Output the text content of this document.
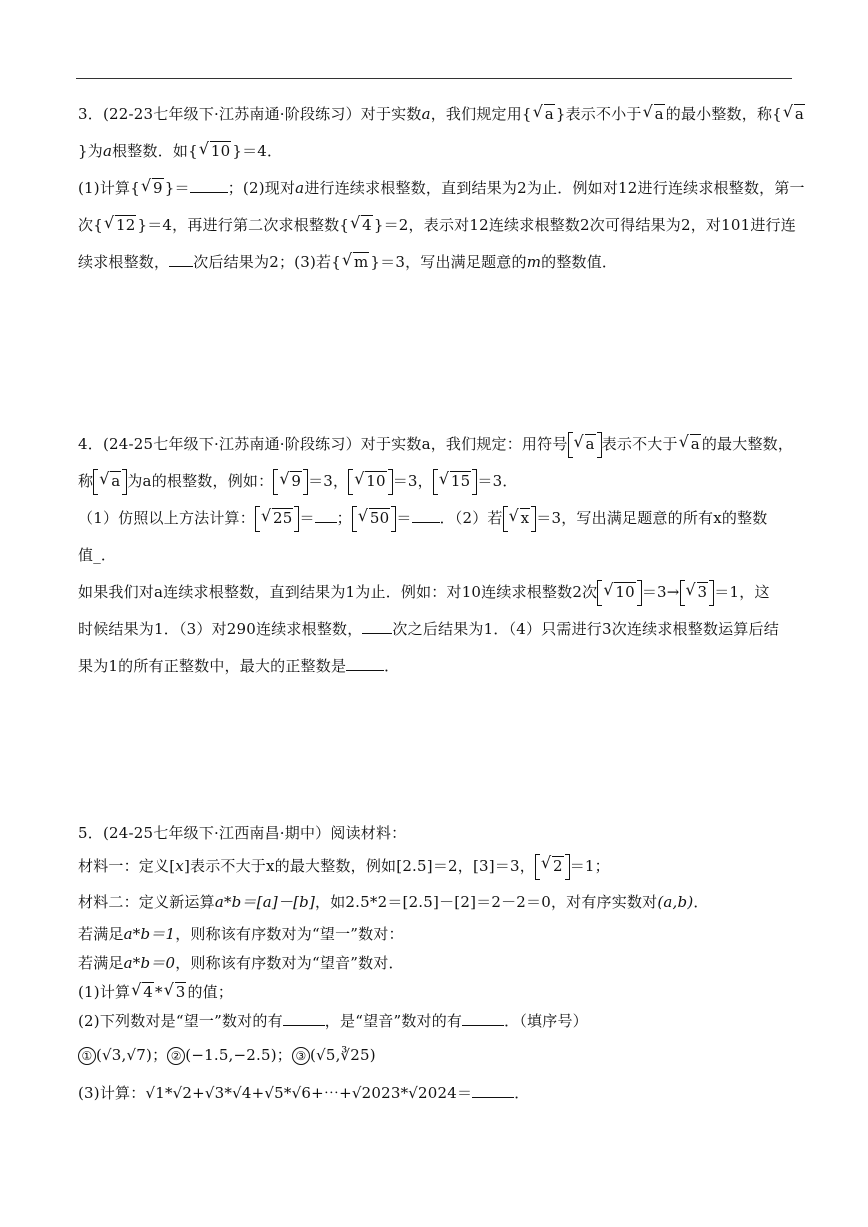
3．(22-23七年级下·江苏南通·阶段练习）对于实数a，我们规定用{ √ a }表示不小于 √ a 的最小整数，称{ √ a

}为a根整数．如{ √ 10 }＝4．

(1)计算{ √ 9 }＝	；(2)现对a进行连续求根整数，直到结果为2为止．例如对12进行连续求根整数，第一

次{ √ 12 }＝4，再进行第二次求根整数{ √ 4 }＝2，表示对12连续求根整数2次可得结果为2，对101进行连

续求根整数， 次后结果为2；(3)若{ √ m }＝3，写出满足题意的m的整数值．

4．(24-25七年级下·江苏南通·阶段练习）对于实数a，我们规定：用符号 √ a 表示不大于 √ a 的最大整数，

称 √ a 为a的根整数，例如： √ 9 ＝3， √ 10 ＝3， √ 15 ＝3．

（1）仿照以上方法计算： √ 25 ＝ ； √ 50 ＝ ．（2）若 √ x ＝3，写出满足题意的所有x的整数

值_．

如果我们对a连续求根整数，直到结果为1为止．例如：对10连续求根整数2次 √ 10 ＝3→ √ 3 ＝1，这

时候结果为1．（3）对290连续求根整数， 次之后结果为1．（4）只需进行3次连续求根整数运算后结

果为1的所有正整数中，最大的正整数是	．

5．(24-25七年级下·江西南昌·期中）阅读材料：

材料一：定义[x]表示不大于x的最大整数，例如[2.5]＝2，[3]＝3， √ 2 ＝1；

材料二：定义新运算a*b＝[a]－[b]，如2.5*2＝[2.5]－[2]＝2－2＝0，对有序实数对(a,b)．

若满足a*b＝1，则称该有序数对为“望一”数对：

若满足a*b＝0，则称该有序数对为“望音”数对．

(1)计算 √ 4 * √ 3 的值；

(2)下列数对是“望一”数对的有	，是“望音”数对的有	．（填序号）

① (√3,√7)； ② (−1.5,−2.5)； ③ (√5,∛25)

(3)计算：√1*√2+√3*√4+√5*√6+⋯+√2023*√2024＝	．
